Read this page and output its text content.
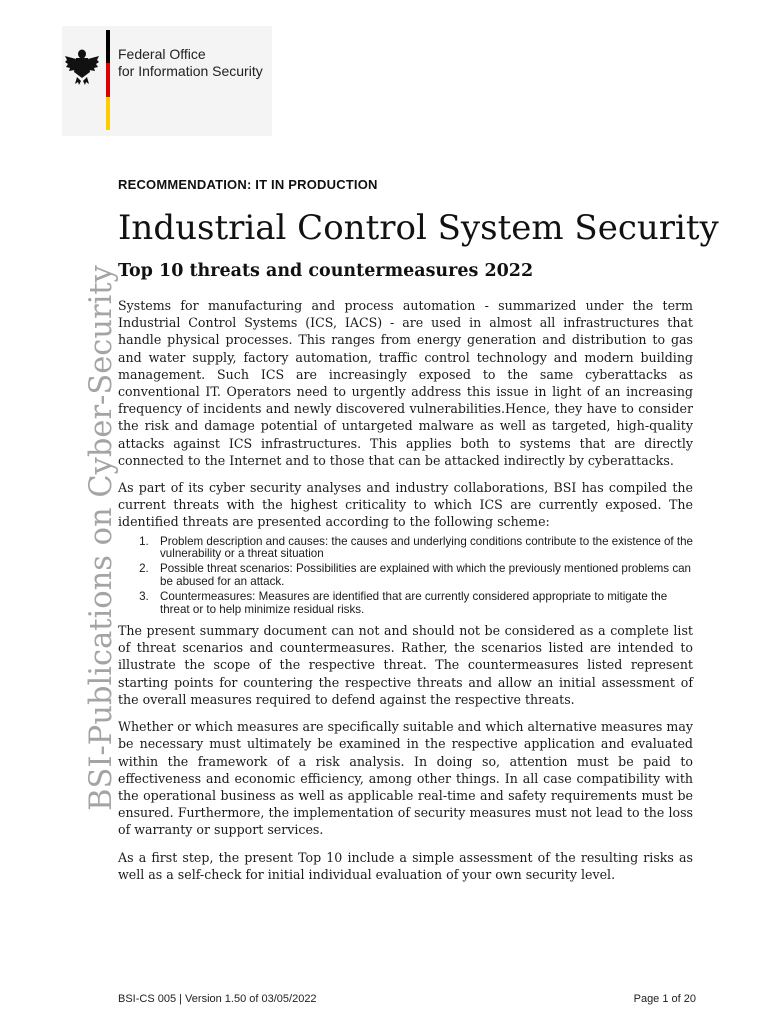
Federal Office
for Information Security
BSI-Publications on Cyber-Security
RECOMMENDATION: IT IN PRODUCTION
Industrial Control System Security
Top 10 threats and countermeasures 2022

Systems for manufacturing and process automation - summarized under the term Industrial Control Systems (ICS, IACS) - are used in almost all infrastructures that handle physical processes. This ranges from energy generation and distribution to gas and water supply, factory automation, traffic control technology and modern building management. Such ICS are increasingly exposed to the same cyberattacks as conventional IT. Operators need to urgently address this issue in light of an increasing frequency of incidents and newly discovered vulnerabilities.Hence, they have to consider the risk and damage potential of untargeted malware as well as targeted, high-quality attacks against ICS infrastructures. This applies both to systems that are directly connected to the Internet and to those that can be attacked indirectly by cyberattacks.

As part of its cyber security analyses and industry collaborations, BSI has compiled the current threats with the highest criticality to which ICS are currently exposed. The identified threats are presented according to the following scheme:

1. Problem description and causes: the causes and underlying conditions contribute to the existence of the vulnerability or a threat situation
2. Possible threat scenarios: Possibilities are explained with which the previously mentioned problems can be abused for an attack.
3. Countermeasures: Measures are identified that are currently considered appropriate to mitigate the threat or to help minimize residual risks.

The present summary document can not and should not be considered as a complete list of threat scenarios and countermeasures. Rather, the scenarios listed are intended to illustrate the scope of the respective threat. The countermeasures listed represent starting points for countering the respective threats and allow an initial assessment of the overall measures required to defend against the respective threats.

Whether or which measures are specifically suitable and which alternative measures may be necessary must ultimately be examined in the respective application and evaluated within the framework of a risk analysis. In doing so, attention must be paid to effectiveness and economic efficiency, among other things. In all case compatibility with the operational business as well as applicable real-time and safety requirements must be ensured. Furthermore, the implementation of security measures must not lead to the loss of warranty or support services.

As a first step, the present Top 10 include a simple assessment of the resulting risks as well as a self-check for initial individual evaluation of your own security level.

BSI-CS 005 | Version 1.50 of 03/05/2022	Page 1 of 20
